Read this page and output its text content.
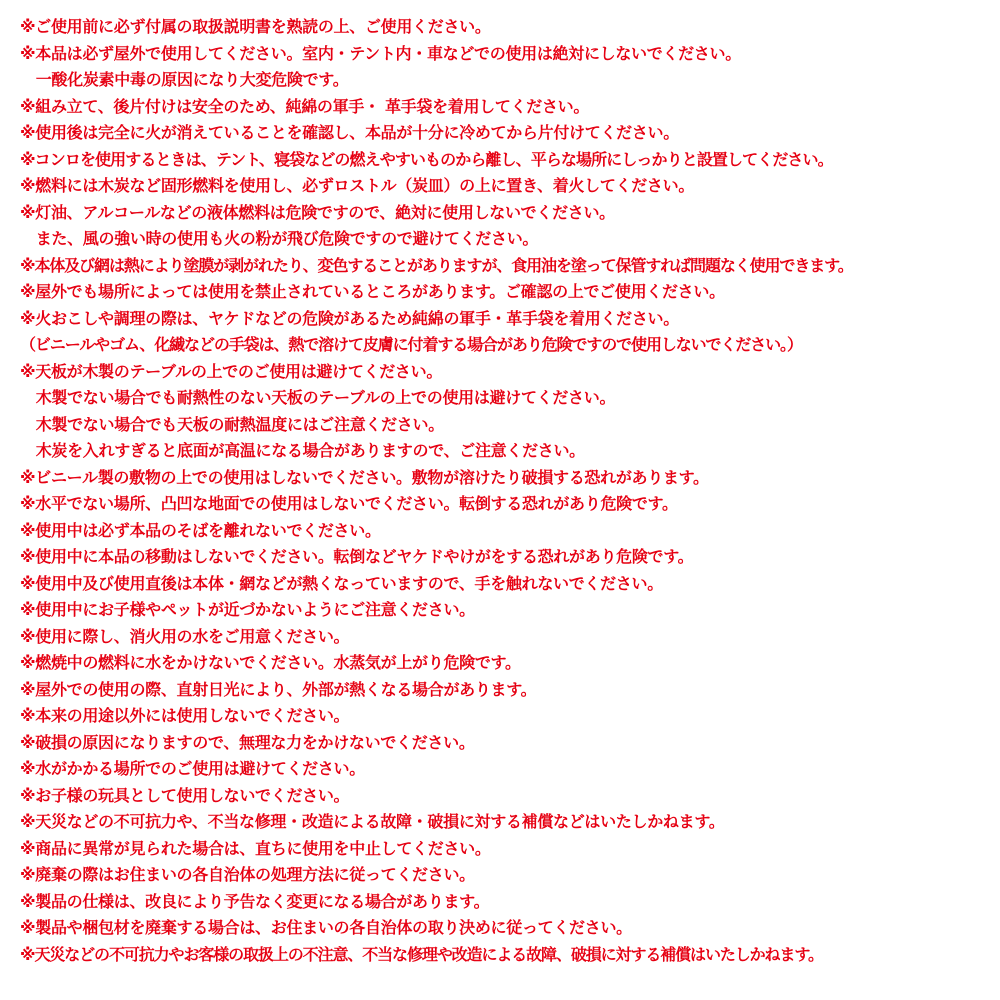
※ご使用前に必ず付属の取扱説明書を熟読の上、ご使用ください。
※本品は必ず屋外で使用してください。室内・テント内・車などでの使用は絶対にしないでください。
　一酸化炭素中毒の原因になり大変危険です。
※組み立て、後片付けは安全のため、純綿の軍手・ 革手袋を着用してください。
※使用後は完全に火が消えていることを確認し、本品が十分に冷めてから片付けてください。
※コンロを使用するときは、テント、寝袋などの燃えやすいものから離し、平らな場所にしっかりと設置してください。
※燃料には木炭など固形燃料を使用し、必ずロストル（炭皿）の上に置き、着火してください。
※灯油、アルコールなどの液体燃料は危険ですので、絶対に使用しないでください。
　また、風の強い時の使用も火の粉が飛び危険ですので避けてください。
※本体及び網は熱により塗膜が剥がれたり、変色することがありますが、食用油を塗って保管すれば問題なく使用できます。
※屋外でも場所によっては使用を禁止されているところがあります。ご確認の上でご使用ください。
※火おこしや調理の際は、ヤケドなどの危険があるため純綿の軍手・革手袋を着用ください。
（ビニールやゴム、化繊などの手袋は、熱で溶けて皮膚に付着する場合があり危険ですので使用しないでください。）
※天板が木製のテーブルの上でのご使用は避けてください。
　木製でない場合でも耐熱性のない天板のテーブルの上での使用は避けてください。
　木製でない場合でも天板の耐熱温度にはご注意ください。
　木炭を入れすぎると底面が高温になる場合がありますので、ご注意ください。
※ビニール製の敷物の上での使用はしないでください。敷物が溶けたり破損する恐れがあります。
※水平でない場所、凸凹な地面での使用はしないでください。転倒する恐れがあり危険です。
※使用中は必ず本品のそばを離れないでください。
※使用中に本品の移動はしないでください。転倒などヤケドやけがをする恐れがあり危険です。
※使用中及び使用直後は本体・網などが熱くなっていますので、手を触れないでください。
※使用中にお子様やペットが近づかないようにご注意ください。
※使用に際し、消火用の水をご用意ください。
※燃焼中の燃料に水をかけないでください。水蒸気が上がり危険です。
※屋外での使用の際、直射日光により、外部が熱くなる場合があります。
※本来の用途以外には使用しないでください。
※破損の原因になりますので、無理な力をかけないでください。
※水がかかる場所でのご使用は避けてください。
※お子様の玩具として使用しないでください。
※天災などの不可抗力や、不当な修理・改造による故障・破損に対する補償などはいたしかねます。
※商品に異常が見られた場合は、直ちに使用を中止してください。
※廃棄の際はお住まいの各自治体の処理方法に従ってください。
※製品の仕様は、改良により予告なく変更になる場合があります。
※製品や梱包材を廃棄する場合は、お住まいの各自治体の取り決めに従ってください。
※天災などの不可抗力やお客様の取扱上の不注意、不当な修理や改造による故障、破損に対する補償はいたしかねます。
